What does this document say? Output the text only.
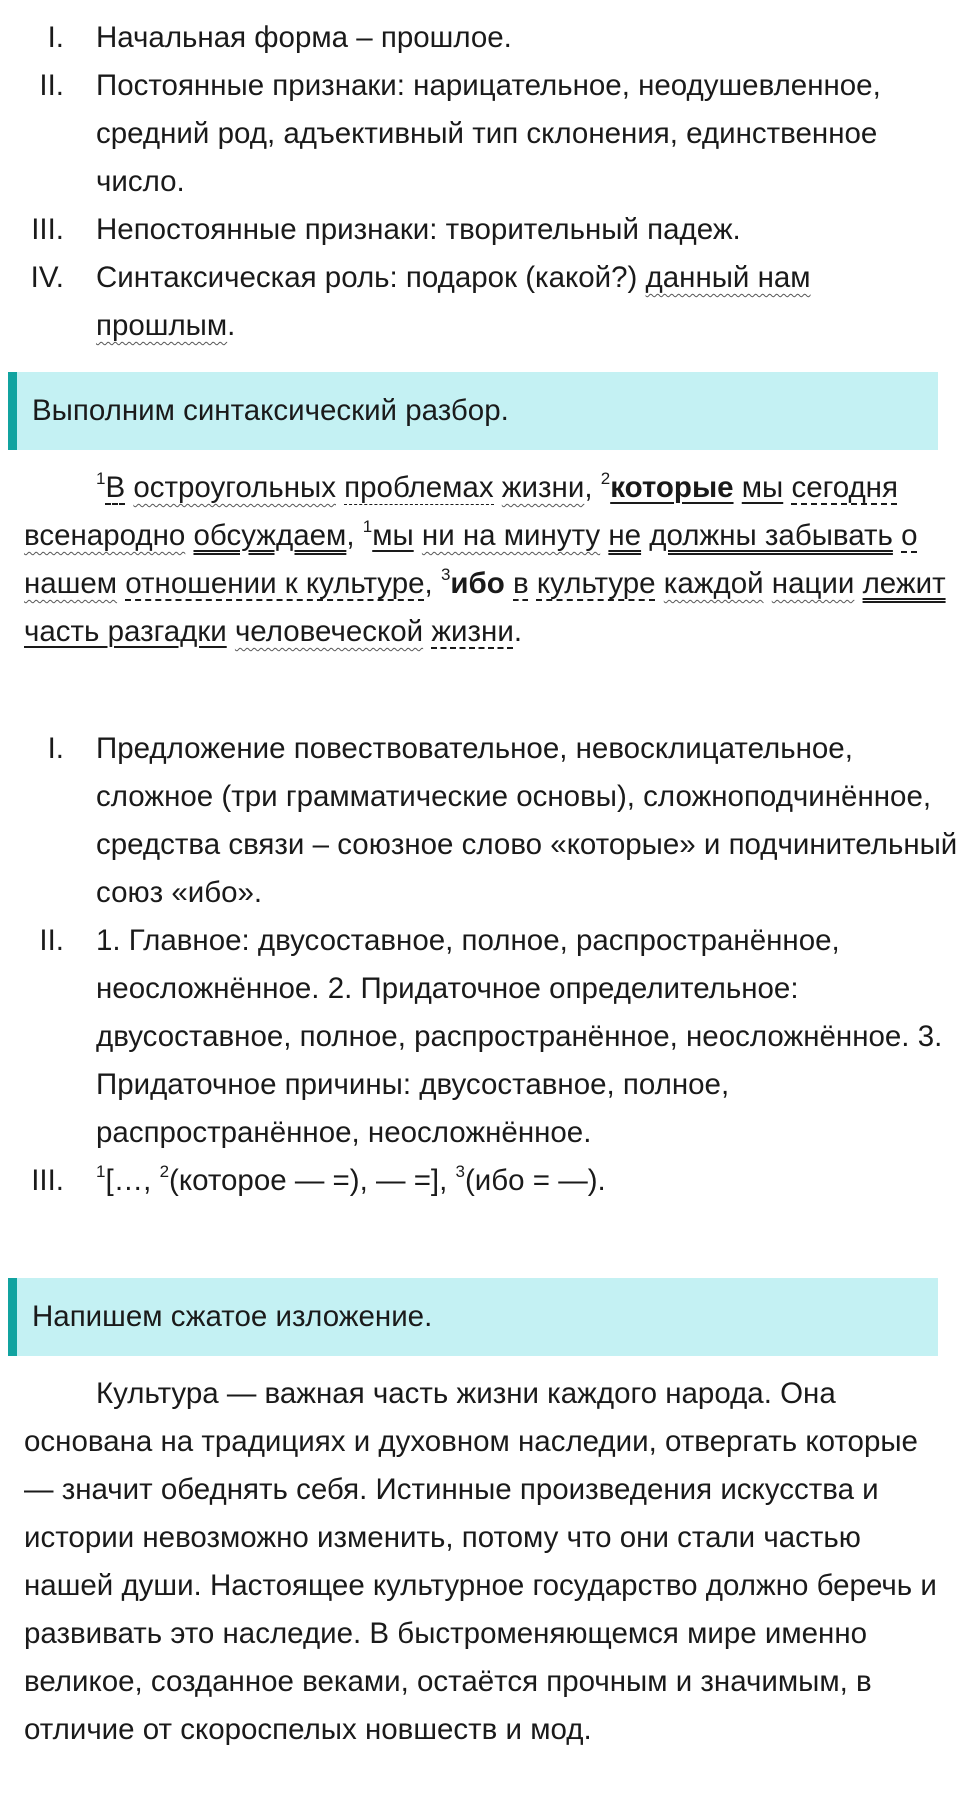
I.	Начальная форма – прошлое.
II.	Постоянные признаки: нарицательное, неодушевленное, средний род, адъективный тип склонения, единственное число.
III.	Непостоянные признаки: творительный падеж.
IV.	Синтаксическая роль: подарок (какой?) данный нам прошлым.
Выполним синтаксический разбор.

$^1$В остроугольных проблемах жизни, $^2$которые мы сегодня всенародно обсуждаем, $^1$мы ни на минуту не должны забывать о нашем отношении к культуре, $^3$ибо в культуре каждой нации лежит часть разгадки человеческой жизни.

I.	Предложение повествовательное, невосклицательное, сложное (три грамматические основы), сложноподчинённое, средства связи – союзное слово «которые» и подчинительный союз «ибо».
II.	1. Главное: двусоставное, полное, распространённое, неосложнённое. 2. Придаточное определительное: двусоставное, полное, распространённое, неосложнённое. 3. Придаточное причины: двусоставное, полное, распространённое, неосложнённое.
III.	$^1$[…, $^2$(которое — =), — =], $^3$(ибо = —).
Напишем сжатое изложение.

Культура — важная часть жизни каждого народа. Она основана на традициях и духовном наследии, отвергать которые — значит обеднять себя. Истинные произведения искусства и истории невозможно изменить, потому что они стали частью нашей души. Настоящее культурное государство должно беречь и развивать это наследие. В быстроменяющемся мире именно великое, созданное веками, остаётся прочным и значимым, в отличие от скороспелых новшеств и мод.
